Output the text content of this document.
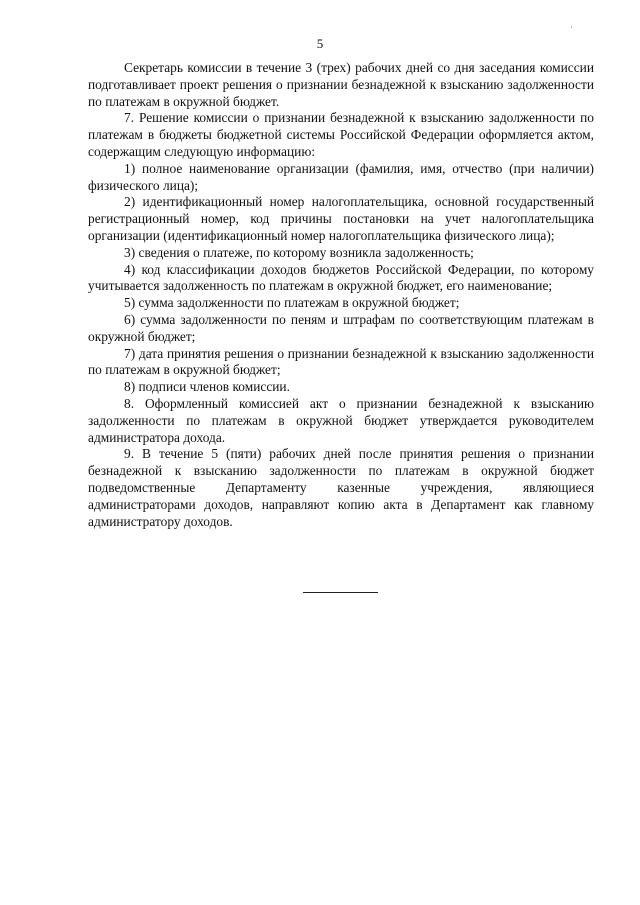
·
5

Секретарь комиссии в течение 3 (трех) рабочих дней со дня заседания комиссии подготавливает проект решения о признании безнадежной к взысканию задолженности по платежам в окружной бюджет.

7. Решение комиссии о признании безнадежной к взысканию задолженности по платежам в бюджеты бюджетной системы Российской Федерации оформляется актом, содержащим следующую информацию:

1) полное наименование организации (фамилия, имя, отчество (при наличии) физического лица);

2) идентификационный номер налогоплательщика, основной государственный регистрационный номер, код причины постановки на учет налогоплательщика организации (идентификационный номер налогоплательщика физического лица);

3) сведения о платеже, по которому возникла задолженность;

4) код классификации доходов бюджетов Российской Федерации, по которому учитывается задолженность по платежам в окружной бюджет, его наименование;

5) сумма задолженности по платежам в окружной бюджет;

6) сумма задолженности по пеням и штрафам по соответствующим платежам в окружной бюджет;

7) дата принятия решения о признании безнадежной к взысканию задолженности по платежам в окружной бюджет;

8) подписи членов комиссии.

8. Оформленный комиссией акт о признании безнадежной к взысканию задолженности по платежам в окружной бюджет утверждается руководителем администратора дохода.

9. В течение 5 (пяти) рабочих дней после принятия решения о признании безнадежной к взысканию задолженности по платежам в окружной бюджет подведомственные Департаменту казенные учреждения, являющиеся администраторами доходов, направляют копию акта в Департамент как главному администратору доходов.
